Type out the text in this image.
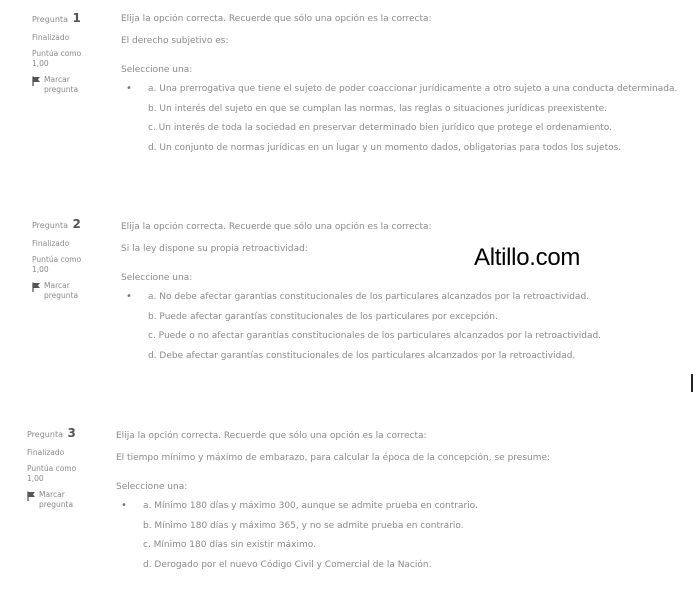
Pregunta 1
Finalizado
Puntúa como
1,00
Marcar
pregunta
Elija la opción correcta. Recuerde que sólo una opción es la correcta:
El derecho subjetivo es:
Seleccione una:
• a. Una prerrogativa que tiene el sujeto de poder coaccionar jurídicamente a otro sujeto a una conducta determinada.
b. Un interés del sujeto en que se cumplan las normas, las reglas o situaciones jurídicas preexistente.
c. Un interés de toda la sociedad en preservar determinado bien jurídico que protege el ordenamiento.
d. Un conjunto de normas jurídicas en un lugar y un momento dados, obligatorias para todos los sujetos.
Pregunta 2
Finalizado
Puntúa como
1,00
Marcar
pregunta
Elija la opción correcta. Recuerde que sólo una opción es la correcta:
Si la ley dispone su propia retroactividad:
Seleccione una:
• a. No debe afectar garantías constitucionales de los particulares alcanzados por la retroactividad.
b. Puede afectar garantías constitucionales de los particulares por excepción.
c. Puede o no afectar garantías constitucionales de los particulares alcanzados por la retroactividad.
d. Debe afectar garantías constitucionales de los particulares alcanzados por la retroactividad.
Pregunta 3
Finalizado
Puntúa como
1,00
Marcar
pregunta
Elija la opción correcta. Recuerde que sólo una opción es la correcta:
El tiempo mínimo y máximo de embarazo, para calcular la época de la concepción, se presume:
Seleccione una:
• a. Mínimo 180 días y máximo 300, aunque se admite prueba en contrario.
b. Mínimo 180 días y máximo 365, y no se admite prueba en contrario.
c. Mínimo 180 días sin existir máximo.
d. Derogado por el nuevo Código Civil y Comercial de la Nación.
Altillo.com
